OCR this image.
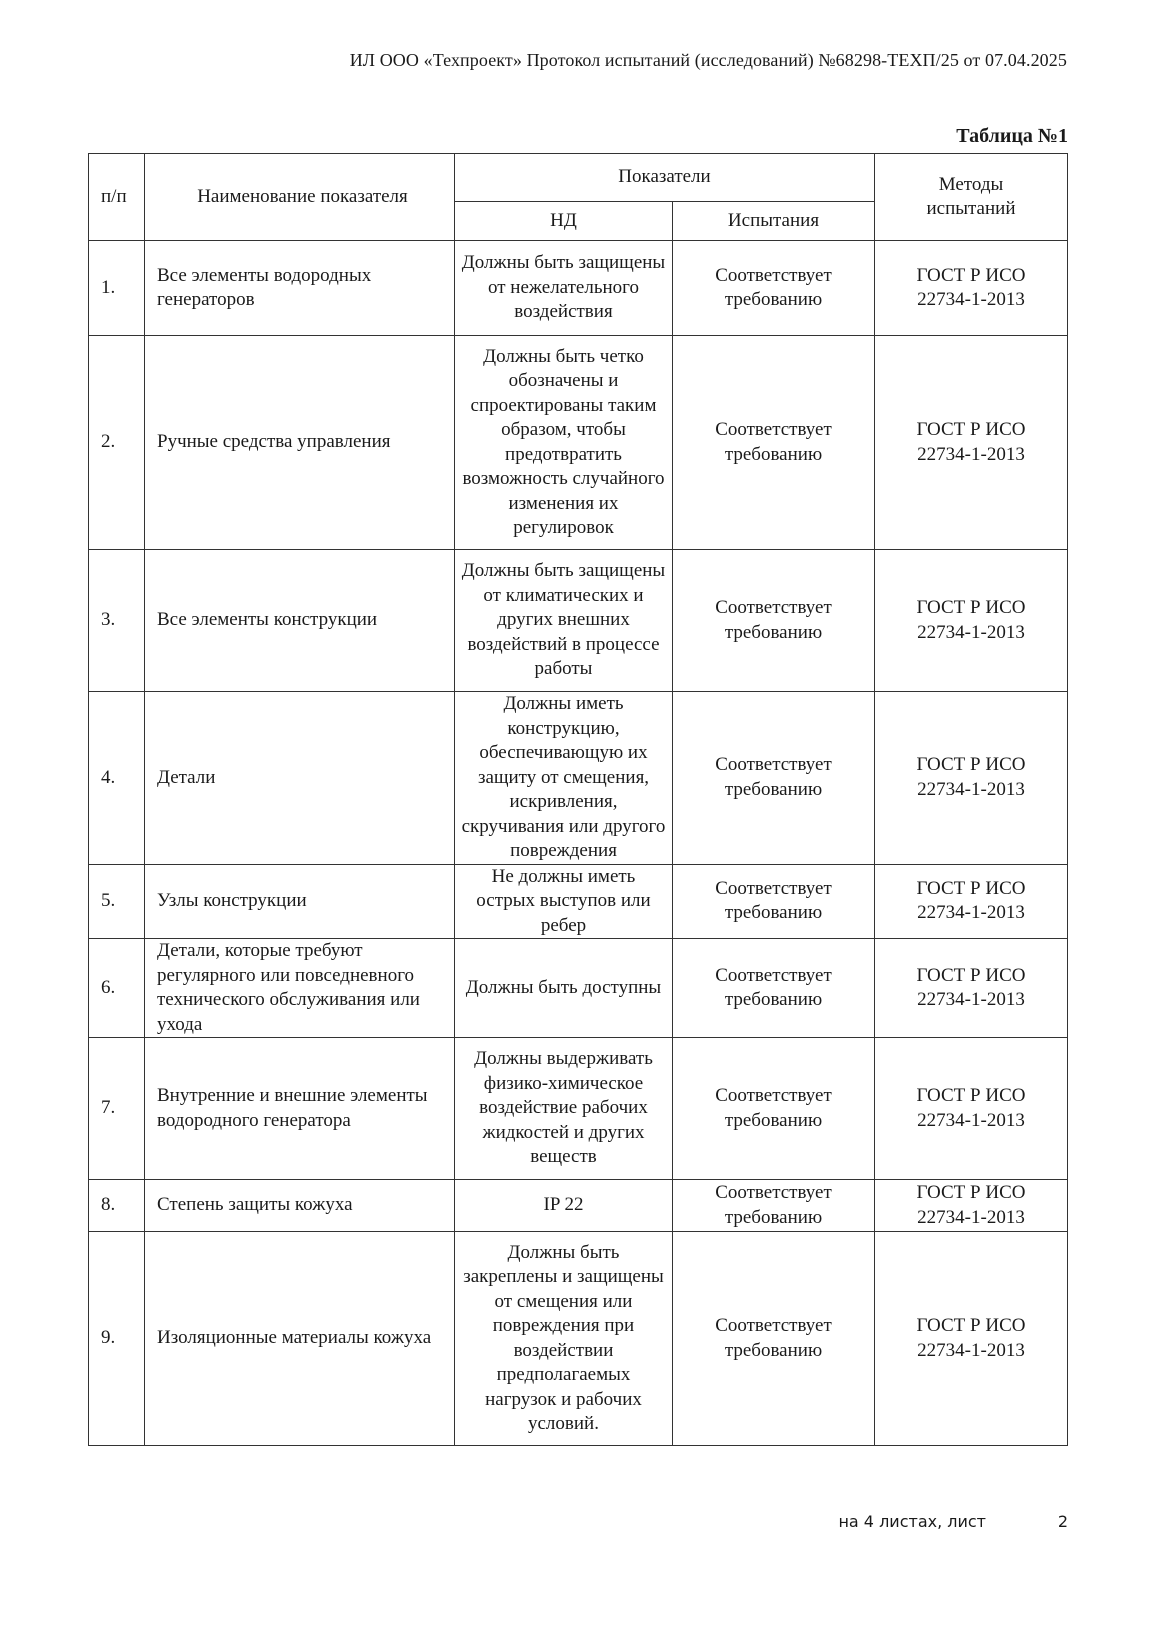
ИЛ ООО «Техпроект» Протокол испытаний (исследований) №68298-ТЕХП/25 от 07.04.2025
Таблица №1
п/п	Наименование показателя	Показатели		Методы испытаний
		НД	Испытания	
1.	Все элементы водородных генераторов	Должны быть защищены от нежелательного воздействия	Соответствует требованию	ГОСТ Р ИСО 22734-1-2013
2.	Ручные средства управления	Должны быть четко обозначены и спроектированы таким образом, чтобы предотвратить возможность случайного изменения их регулировок	Соответствует требованию	ГОСТ Р ИСО 22734-1-2013
3.	Все элементы конструкции	Должны быть защищены от климатических и других внешних воздействий в процессе работы	Соответствует требованию	ГОСТ Р ИСО 22734-1-2013
4.	Детали	Должны иметь конструкцию, обеспечивающую их защиту от смещения, искривления, скручивания или другого повреждения	Соответствует требованию	ГОСТ Р ИСО 22734-1-2013
5.	Узлы конструкции	Не должны иметь острых выступов или ребер	Соответствует требованию	ГОСТ Р ИСО 22734-1-2013
6.	Детали, которые требуют регулярного или повседневного технического обслуживания или ухода	Должны быть доступны	Соответствует требованию	ГОСТ Р ИСО 22734-1-2013
7.	Внутренние и внешние элементы водородного генератора	Должны выдерживать физико-химическое воздействие рабочих жидкостей и других веществ	Соответствует требованию	ГОСТ Р ИСО 22734-1-2013
8.	Степень защиты кожуха	IP 22	Соответствует требованию	ГОСТ Р ИСО 22734-1-2013
9.	Изоляционные материалы кожуха	Должны быть закреплены и защищены от смещения или повреждения при воздействии предполагаемых нагрузок и рабочих условий.	Соответствует требованию	ГОСТ Р ИСО 22734-1-2013
на 4 листах, лист	2
